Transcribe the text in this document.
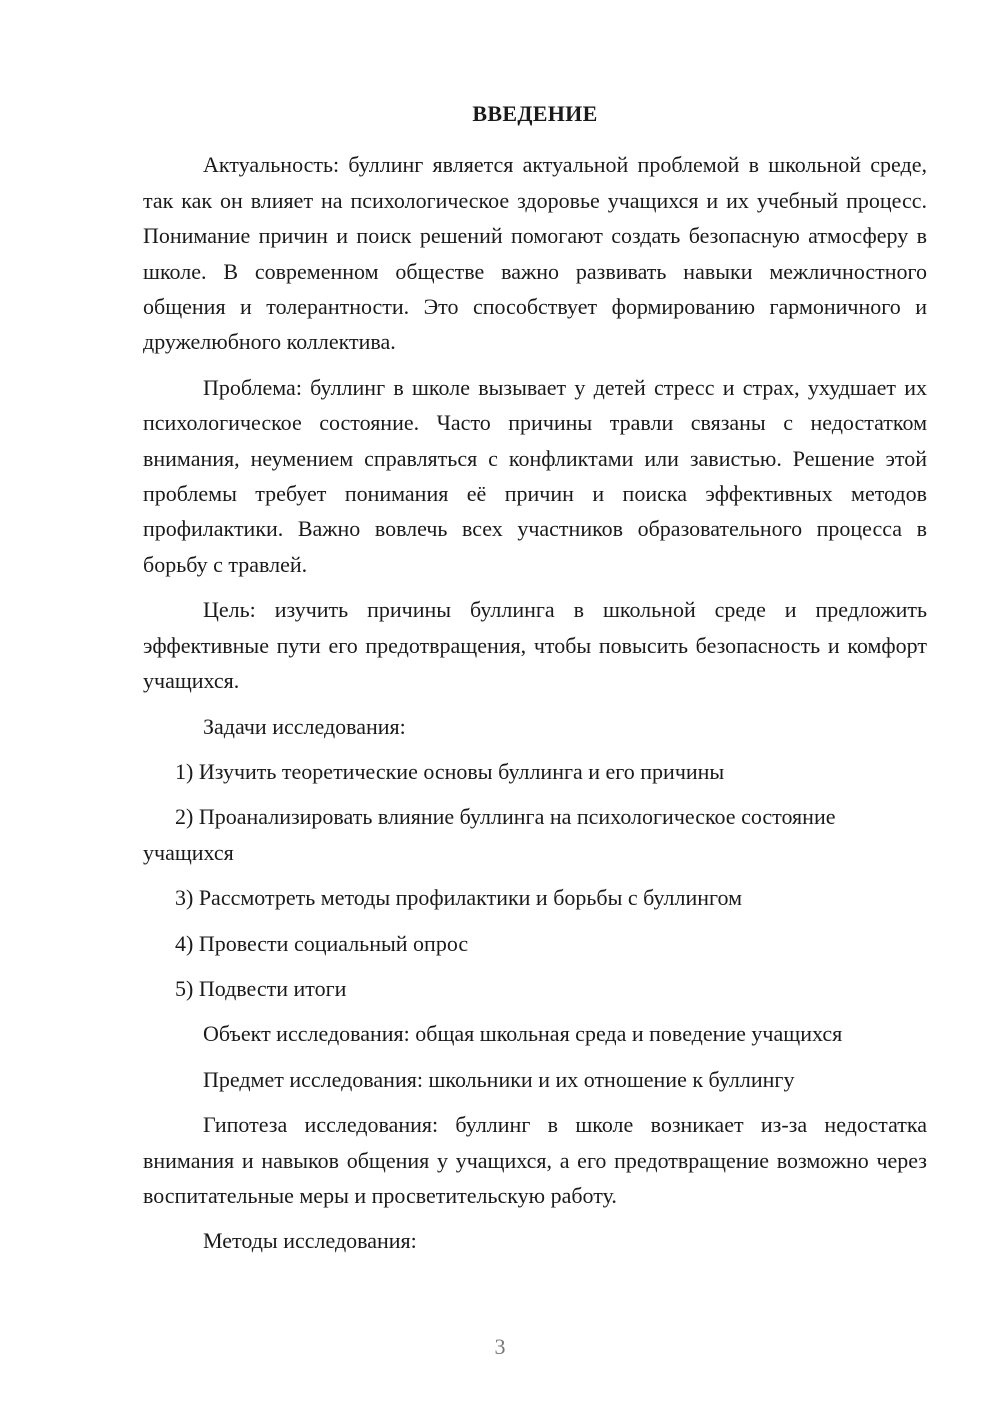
ВВЕДЕНИЕ

Актуальность: буллинг является актуальной проблемой в школьной среде, так как он влияет на психологическое здоровье учащихся и их учебный процесс. Понимание причин и поиск решений помогают создать безопасную атмосферу в школе. В современном обществе важно развивать навыки межличностного общения и толерантности. Это способствует формированию гармоничного и дружелюбного коллектива.

Проблема: буллинг в школе вызывает у детей стресс и страх, ухудшает их психологическое состояние. Часто причины травли связаны с недостатком внимания, неумением справляться с конфликтами или завистью. Решение этой проблемы требует понимания её причин и поиска эффективных методов профилактики. Важно вовлечь всех участников образовательного процесса в борьбу с травлей.

Цель: изучить причины буллинга в школьной среде и предложить эффективные пути его предотвращения, чтобы повысить безопасность и комфорт учащихся.

Задачи исследования:

1) Изучить теоретические основы буллинга и его причины

2) Проанализировать влияние буллинга на психологическое состояние учащихся

3) Рассмотреть методы профилактики и борьбы с буллингом

4) Провести социальный опрос

5) Подвести итоги

Объект исследования: общая школьная среда и поведение учащихся

Предмет исследования: школьники и их отношение к буллингу

Гипотеза исследования: буллинг в школе возникает из-за недостатка внимания и навыков общения у учащихся, а его предотвращение возможно через воспитательные меры и просветительскую работу.

Методы исследования:

3
